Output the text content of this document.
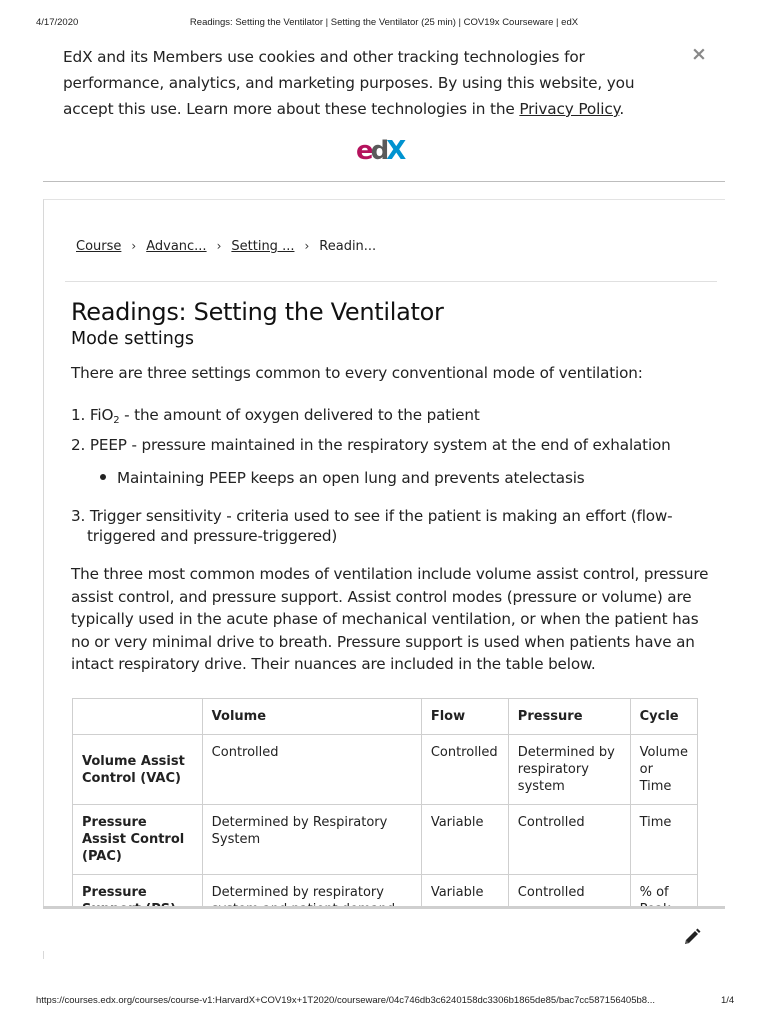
4/17/2020	Readings: Setting the Ventilator | Setting the Ventilator (25 min) | COV19x Courseware | edX
EdX and its Members use cookies and other tracking technologies for performance, analytics, and marketing purposes. By using this website, you accept this use. Learn more about these technologies in the Privacy Policy.
×
edX
Course › Advanc... › Setting ... › Readin...
Readings: Setting the Ventilator
Mode settings

There are three settings common to every conventional mode of ventilation:

1. FiO$_2$ - the amount of oxygen delivered to the patient
2. PEEP - pressure maintained in the respiratory system at the end of exhalation
Maintaining PEEP keeps an open lung and prevents atelectasis
3. Trigger sensitivity - criteria used to see if the patient is making an effort (flow-
triggered and pressure-triggered)

The three most common modes of ventilation include volume assist control, pressure assist control, and pressure support. Assist control modes (pressure or volume) are typically used in the acute phase of mechanical ventilation, or when the patient has no or very minimal drive to breath. Pressure support is used when patients have an intact respiratory drive. Their nuances are included in the table below.

	Volume	Flow	Pressure	Cycle
Volume Assist Control (VAC)	Controlled	Controlled	Determined by respiratory system	Volume or Time
Pressure Assist Control (PAC)	Determined by Respiratory System	Variable	Controlled	Time
Pressure	Determined by respiratory	Variable	Controlled	% of
https://courses.edx.org/courses/course-v1:HarvardX+COV19x+1T2020/courseware/04c746db3c6240158dc3306b1865de85/bac7cc587156405b8...	1/4
